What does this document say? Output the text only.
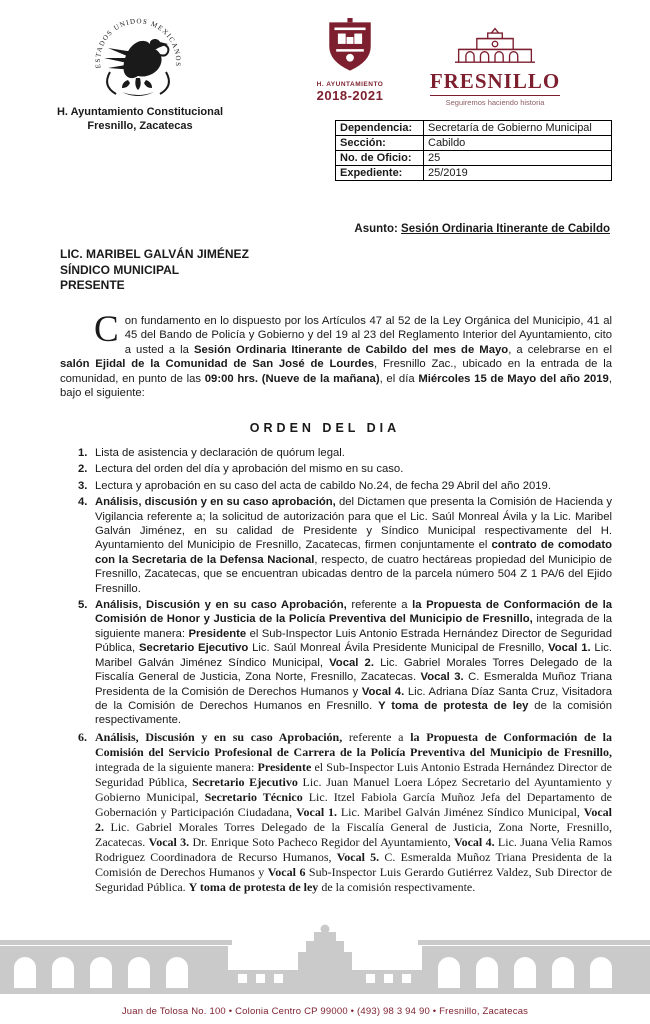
ESTADOS UNIDOS MEXICANOS
H. Ayuntamiento Constitucional
Fresnillo, Zacatecas
H. AYUNTAMIENTO
2018-2021
FRESNILLO
Seguiremos haciendo historia
Dependencia:	Secretaría de Gobierno Municipal
Sección:	Cabildo
No. de Oficio:	25
Expediente:	25/2019
Asunto: Sesión Ordinaria Itinerante de Cabildo
LIC. MARIBEL GALVÁN JIMÉNEZ
SÍNDICO MUNICIPAL
PRESENTE
Con fundamento en lo dispuesto por los Artículos 47 al 52 de la Ley Orgánica del Municipio, 41 al 45 del Bando de Policía y Gobierno y del 19 al 23 del Reglamento Interior del Ayuntamiento, cito a usted a la Sesión Ordinaria Itinerante de Cabildo del mes de Mayo, a celebrarse en el salón Ejidal de la Comunidad de San José de Lourdes, Fresnillo Zac., ubicado en la entrada de la comunidad, en punto de las 09:00 hrs. (Nueve de la mañana), el día Miércoles 15 de Mayo del año 2019, bajo el siguiente:
ORDEN DEL DIA
1. Lista de asistencia y declaración de quórum legal.
2. Lectura del orden del día y aprobación del mismo en su caso.
3. Lectura y aprobación en su caso del acta de cabildo No.24, de fecha 29 Abril del año 2019.
4. Análisis, discusión y en su caso aprobación, del Dictamen que presenta la Comisión de Hacienda y Vigilancia referente a; la solicitud de autorización para que el Lic. Saúl Monreal Ávila y la Lic. Maribel Galván Jiménez, en su calidad de Presidente y Síndico Municipal respectivamente del H. Ayuntamiento del Municipio de Fresnillo, Zacatecas, firmen conjuntamente el contrato de comodato con la Secretaria de la Defensa Nacional, respecto, de cuatro hectáreas propiedad del Municipio de Fresnillo, Zacatecas, que se encuentran ubicadas dentro de la parcela número 504 Z 1 PA/6 del Ejido Fresnillo.
5. Análisis, Discusión y en su caso Aprobación, referente a la Propuesta de Conformación de la Comisión de Honor y Justicia de la Policía Preventiva del Municipio de Fresnillo, integrada de la siguiente manera: Presidente el Sub-Inspector Luis Antonio Estrada Hernández Director de Seguridad Pública, Secretario Ejecutivo Lic. Saúl Monreal Ávila Presidente Municipal de Fresnillo, Vocal 1. Lic. Maribel Galván Jiménez Síndico Municipal, Vocal 2. Lic. Gabriel Morales Torres Delegado de la Fiscalía General de Justicia, Zona Norte, Fresnillo, Zacatecas. Vocal 3. C. Esmeralda Muñoz Triana Presidenta de la Comisión de Derechos Humanos y Vocal 4. Lic. Adriana Díaz Santa Cruz, Visitadora de la Comisión de Derechos Humanos en Fresnillo. Y toma de protesta de ley de la comisión respectivamente.
6. Análisis, Discusión y en su caso Aprobación, referente a la Propuesta de Conformación de la Comisión del Servicio Profesional de Carrera de la Policía Preventiva del Municipio de Fresnillo, integrada de la siguiente manera: Presidente el Sub-Inspector Luis Antonio Estrada Hernández Director de Seguridad Pública, Secretario Ejecutivo Lic. Juan Manuel Loera López Secretario del Ayuntamiento y Gobierno Municipal, Secretario Técnico Lic. Itzel Fabiola García Muñoz Jefa del Departamento de Gobernación y Participación Ciudadana, Vocal 1. Lic. Maribel Galván Jiménez Síndico Municipal, Vocal 2. Lic. Gabriel Morales Torres Delegado de la Fiscalía General de Justicia, Zona Norte, Fresnillo, Zacatecas. Vocal 3. Dr. Enrique Soto Pacheco Regidor del Ayuntamiento, Vocal 4. Lic. Juana Velia Ramos Rodriguez Coordinadora de Recurso Humanos, Vocal 5. C. Esmeralda Muñoz Triana Presidenta de la Comisión de Derechos Humanos y Vocal 6 Sub-Inspector Luis Gerardo Gutiérrez Valdez, Sub Director de Seguridad Pública. Y toma de protesta de ley de la comisión respectivamente.
Juan de Tolosa No. 100 • Colonia Centro CP 99000 • (493) 98 3 94 90 • Fresnillo, Zacatecas
